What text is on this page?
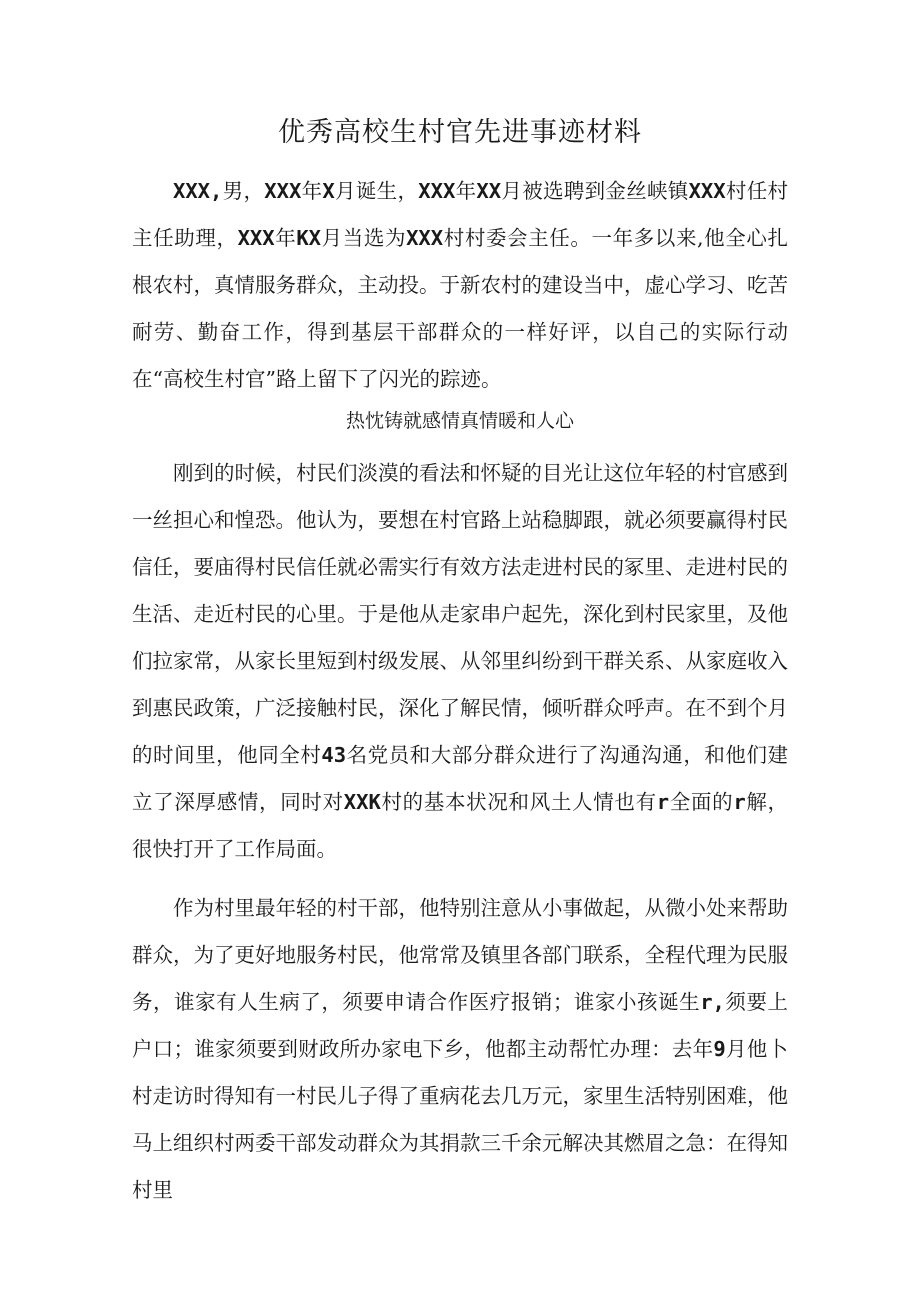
优秀高校生村官先进事迹材料

XXX,男，XXX年X月诞生，XXX年XX月被选聘到金丝峡镇XXX村任村主任助理，XXX年KX月当选为XXX村村委会主任。一年多以来,他全心扎根农村，真情服务群众，主动投。于新农村的建设当中，虚心学习、吃苦耐劳、勤奋工作，得到基层干部群众的一样好评，以自己的实际行动在“高校生村官”路上留下了闪光的踪迹。

热忱铸就感情真情暖和人心

刚到的时候，村民们淡漠的看法和怀疑的目光让这位年轻的村官感到一丝担心和惶恐。他认为，要想在村官路上站稳脚跟，就必须要赢得村民信任，要庙得村民信任就必需实行有效方法走进村民的冢里、走进村民的生活、走近村民的心里。于是他从走家串户起先，深化到村民家里，及他们拉家常，从家长里短到村级发展、从邻里纠纷到干群关系、从家庭收入到惠民政策，广泛接触村民，深化了解民情，倾听群众呼声。在不到个月的时间里，他同全村43名党员和大部分群众进行了沟通沟通，和他们建立了深厚感情，同时对XXK村的基本状况和风土人情也有r全面的r解，很快打开了工作局面。

作为村里最年轻的村干部，他特别注意从小事做起，从微小处来帮助群众，为了更好地服务村民，他常常及镇里各部门联系，全程代理为民服务，谁家有人生病了，须要申请合作医疗报销；谁家小孩诞生r,须要上户口；谁家须要到财政所办家电下乡，他都主动帮忙办理：去年9月他卜村走访时得知有一村民儿子得了重病花去几万元，家里生活特别困难，他马上组织村两委干部发动群众为其捐款三千余元解决其燃眉之急：在得知村里
